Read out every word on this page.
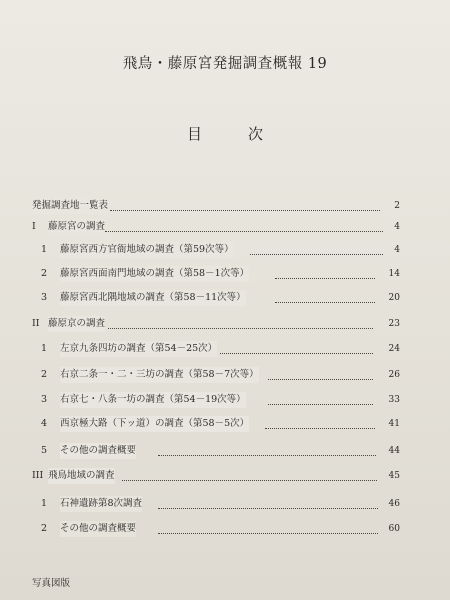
飛鳥・藤原宮発掘調査概報 19
目次
発掘調査地一覧表	2
I 藤原宮の調査	4
1 藤原宮西方官衙地域の調査（第59次等）	4
2 藤原宮西面南門地域の調査（第58－1次等）	14
3 藤原宮西北隅地域の調査（第58－11次等）	20
II 藤原京の調査	23
1 左京九条四坊の調査（第54－25次）	24
2 右京二条一・二・三坊の調査（第58－7次等）	26
3 右京七・八条一坊の調査（第54－19次等）	33
4 西京極大路（下ッ道）の調査（第58－5次）	41
5 その他の調査概要	44
III 飛鳥地域の調査	45
1 石神遺跡第8次調査	46
2 その他の調査概要	60
写真図版
